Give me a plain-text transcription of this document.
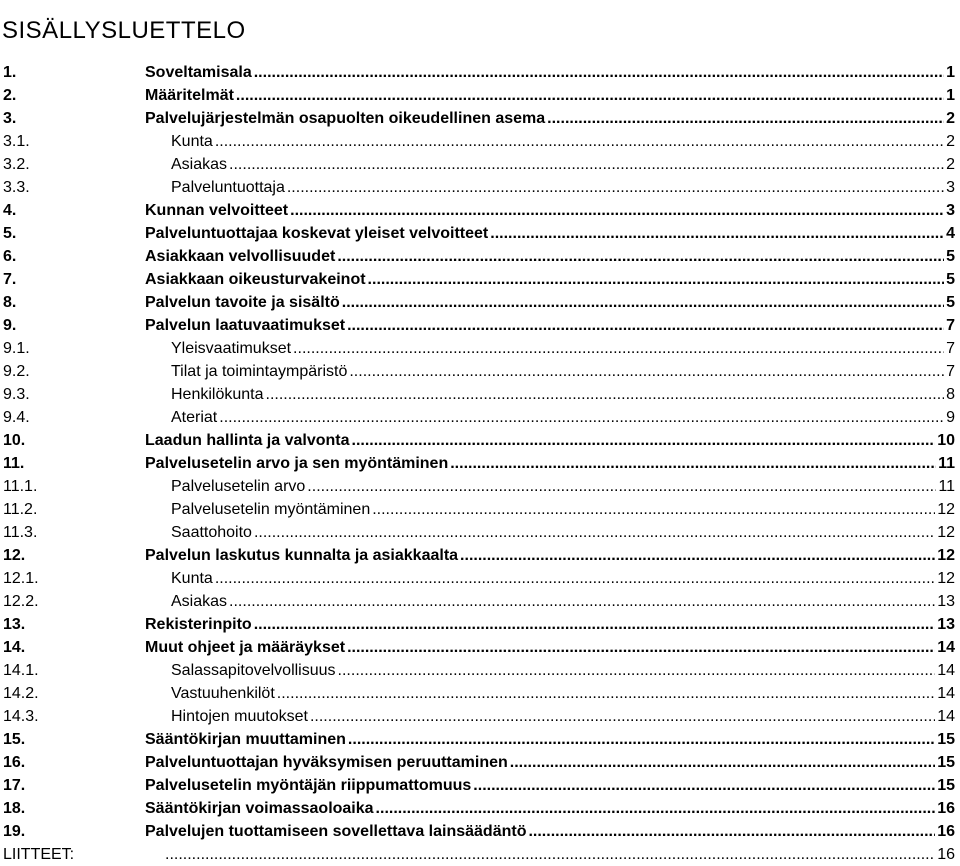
SISÄLLYSLUETTELO
1.	Soveltamisala .....	1
2.	Määritelmät .....	1
3.	Palvelujärjestelmän osapuolten oikeudellinen asema .....	2
3.1.	Kunta .....	2
3.2.	Asiakas .....	2
3.3.	Palveluntuottaja .....	3
4.	Kunnan velvoitteet .....	3
5.	Palveluntuottajaa koskevat yleiset velvoitteet .....	4
6.	Asiakkaan velvollisuudet .....	5
7.	Asiakkaan oikeusturvakeinot .....	5
8.	Palvelun tavoite ja sisältö .....	5
9.	Palvelun laatuvaatimukset .....	7
9.1.	Yleisvaatimukset .....	7
9.2.	Tilat ja toimintaympäristö .....	7
9.3.	Henkilökunta .....	8
9.4.	Ateriat .....	9
10.	Laadun hallinta ja valvonta .....	10
11.	Palvelusetelin arvo ja sen myöntäminen .....	11
11.1.	Palvelusetelin arvo .....	11
11.2.	Palvelusetelin myöntäminen .....	12
11.3.	Saattohoito .....	12
12.	Palvelun laskutus kunnalta ja asiakkaalta .....	12
12.1.	Kunta .....	12
12.2.	Asiakas .....	13
13.	Rekisterinpito .....	13
14.	Muut ohjeet ja määräykset .....	14
14.1.	Salassapitovelvollisuus .....	14
14.2.	Vastuuhenkilöt .....	14
14.3.	Hintojen muutokset .....	14
15.	Sääntökirjan muuttaminen .....	15
16.	Palveluntuottajan hyväksymisen peruuttaminen .....	15
17.	Palvelusetelin myöntäjän riippumattomuus .....	15
18.	Sääntökirjan voimassaoloaika .....	16
19.	Palvelujen tuottamiseen sovellettava lainsäädäntö .....	16
LIITTEET: .....	16
